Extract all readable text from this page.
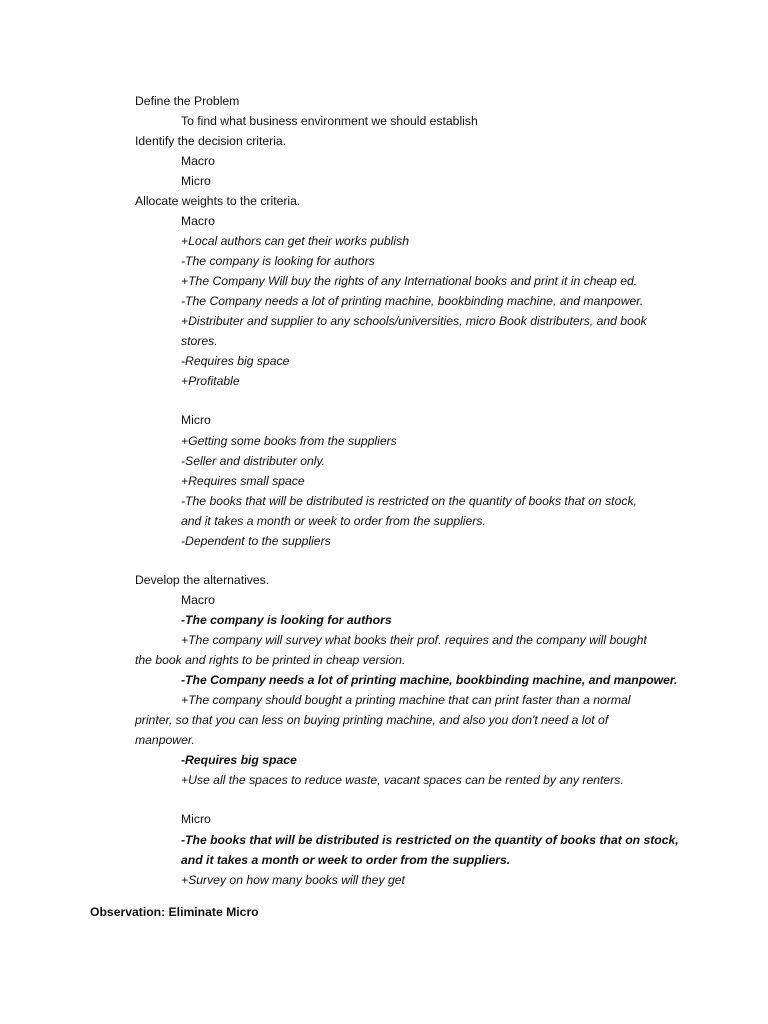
Define the Problem
To find what business environment we should establish
Identify the decision criteria.
Macro
Micro
Allocate weights to the criteria.
Macro
+Local authors can get their works publish
-The company is looking for authors
+The Company Will buy the rights of any International books and print it in cheap ed.
-The Company needs a lot of printing machine, bookbinding machine, and manpower.
+Distributer and supplier to any schools/universities, micro Book distributers, and book
stores.
-Requires big space
+Profitable
Micro
+Getting some books from the suppliers
-Seller and distributer only.
+Requires small space
-The books that will be distributed is restricted on the quantity of books that on stock,
and it takes a month or week to order from the suppliers.
-Dependent to the suppliers
Develop the alternatives.
Macro
-The company is looking for authors
+The company will survey what books their prof. requires and the company will bought
the book and rights to be printed in cheap version.
-The Company needs a lot of printing machine, bookbinding machine, and manpower.
+The company should bought a printing machine that can print faster than a normal
printer, so that you can less on buying printing machine, and also you don't need a lot of
manpower.
-Requires big space
+Use all the spaces to reduce waste, vacant spaces can be rented by any renters.
Micro
-The books that will be distributed is restricted on the quantity of books that on stock,
and it takes a month or week to order from the suppliers.
+Survey on how many books will they get
Observation: Eliminate Micro
